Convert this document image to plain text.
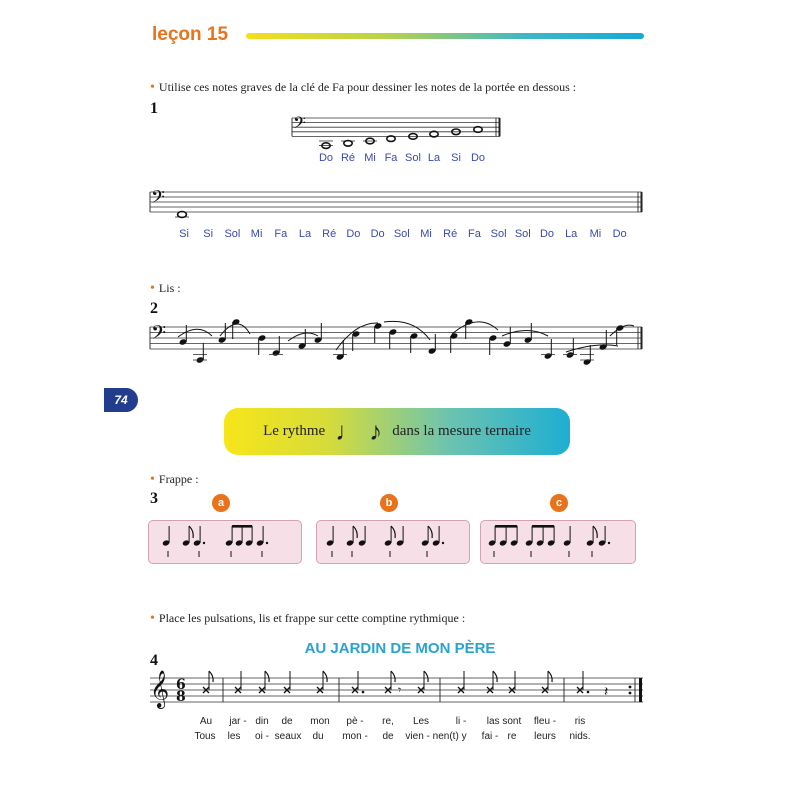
leçon 15
• Utilise ces notes graves de la clé de Fa pour dessiner les notes de la portée en dessous :
1
Do Ré Mi Fa Sol La Si Do
Si Si Sol Mi Fa La Ré Do Do Sol Mi Ré Fa Sol Sol Do La Mi Do
• Lis :
2
74
Le rythme ♩ ♪ dans la mesure ternaire
• Frappe :
3	a	b	c
• Place les pulsations, lis et frappe sur cette comptine rythmique :
AU JARDIN DE MON PÈRE
4
Au jar - din de mon pè - re, Les	li - las sont fleu - ris
Tous les oi - seaux du mon - de vien - nen(t) y fai - re leurs nids.
𝄢
𝄢
𝄢
𝄞 6
8	𝄾	𝄽
